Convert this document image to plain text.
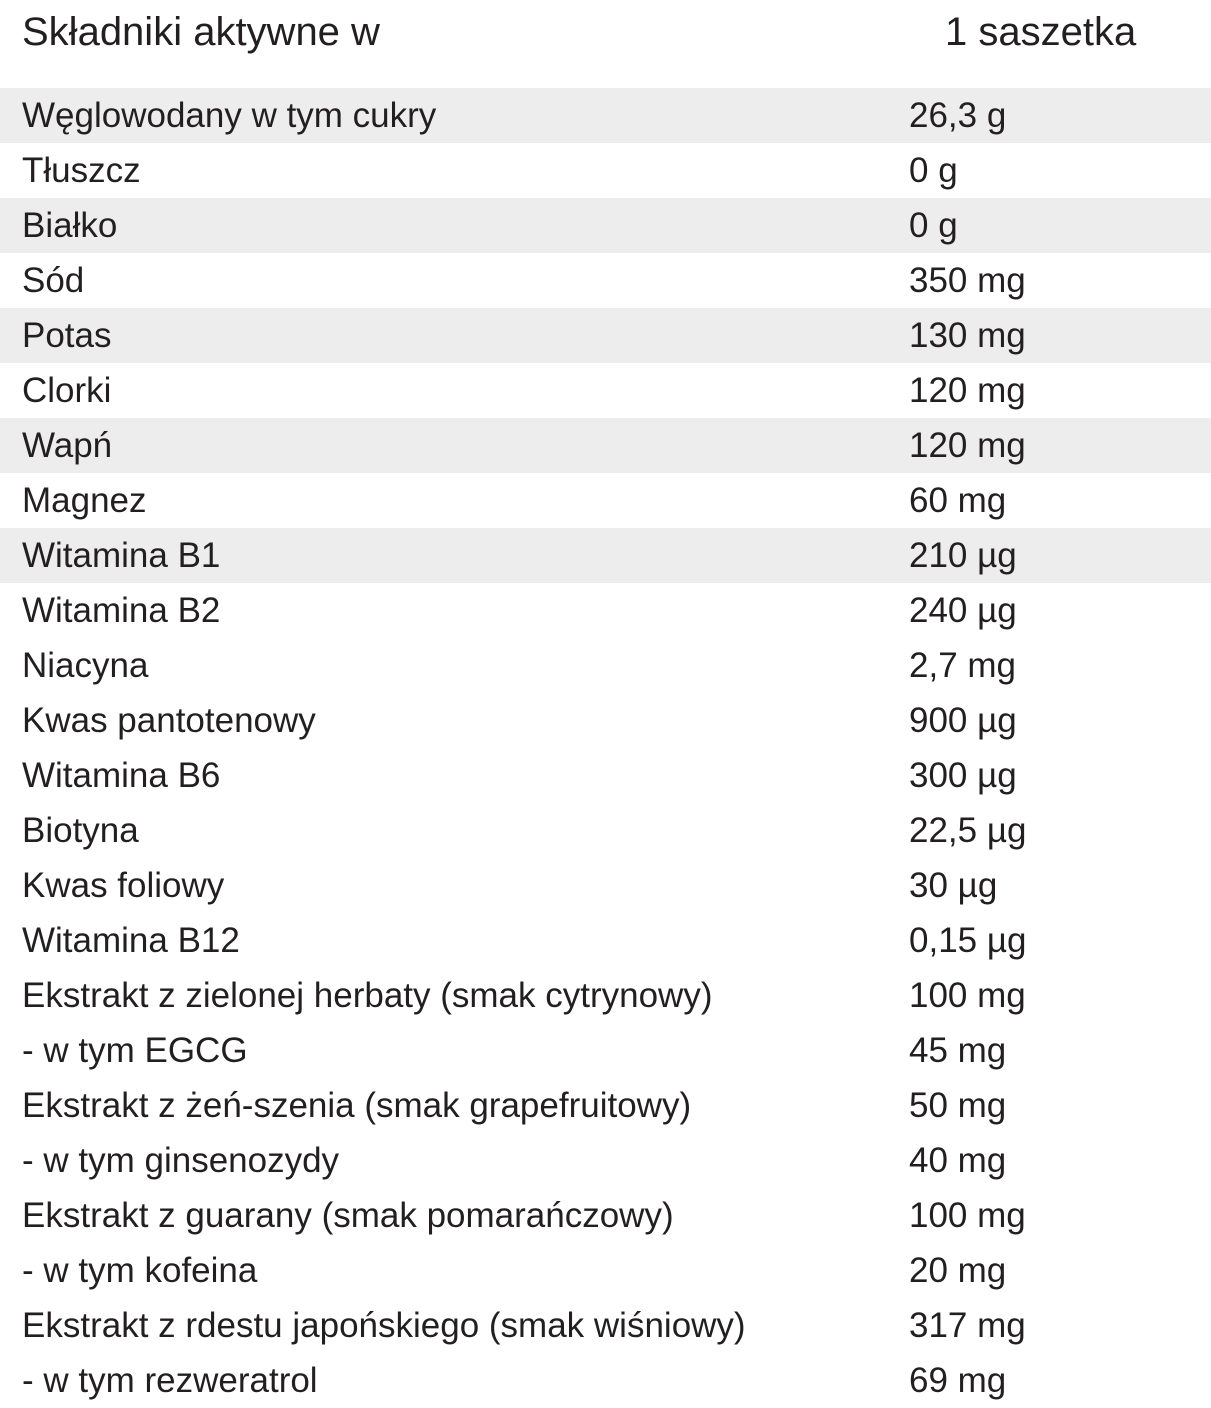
Składniki aktywne w	1 saszetka
Węglowodany w tym cukry	26,3 g
Tłuszcz	0 g
Białko	0 g
Sód	350 mg
Potas	130 mg
Clorki	120 mg
Wapń	120 mg
Magnez	60 mg
Witamina B1	210 µg
Witamina B2	240 µg
Niacyna	2,7 mg
Kwas pantotenowy	900 µg
Witamina B6	300 µg
Biotyna	22,5 µg
Kwas foliowy	30 µg
Witamina B12	0,15 µg
Ekstrakt z zielonej herbaty (smak cytrynowy)	100 mg
- w tym EGCG	45 mg
Ekstrakt z żeń-szenia (smak grapefruitowy)	50 mg
- w tym ginsenozydy	40 mg
Ekstrakt z guarany (smak pomarańczowy)	100 mg
- w tym kofeina	20 mg
Ekstrakt z rdestu japońskiego (smak wiśniowy)	317 mg
- w tym rezweratrol	69 mg
